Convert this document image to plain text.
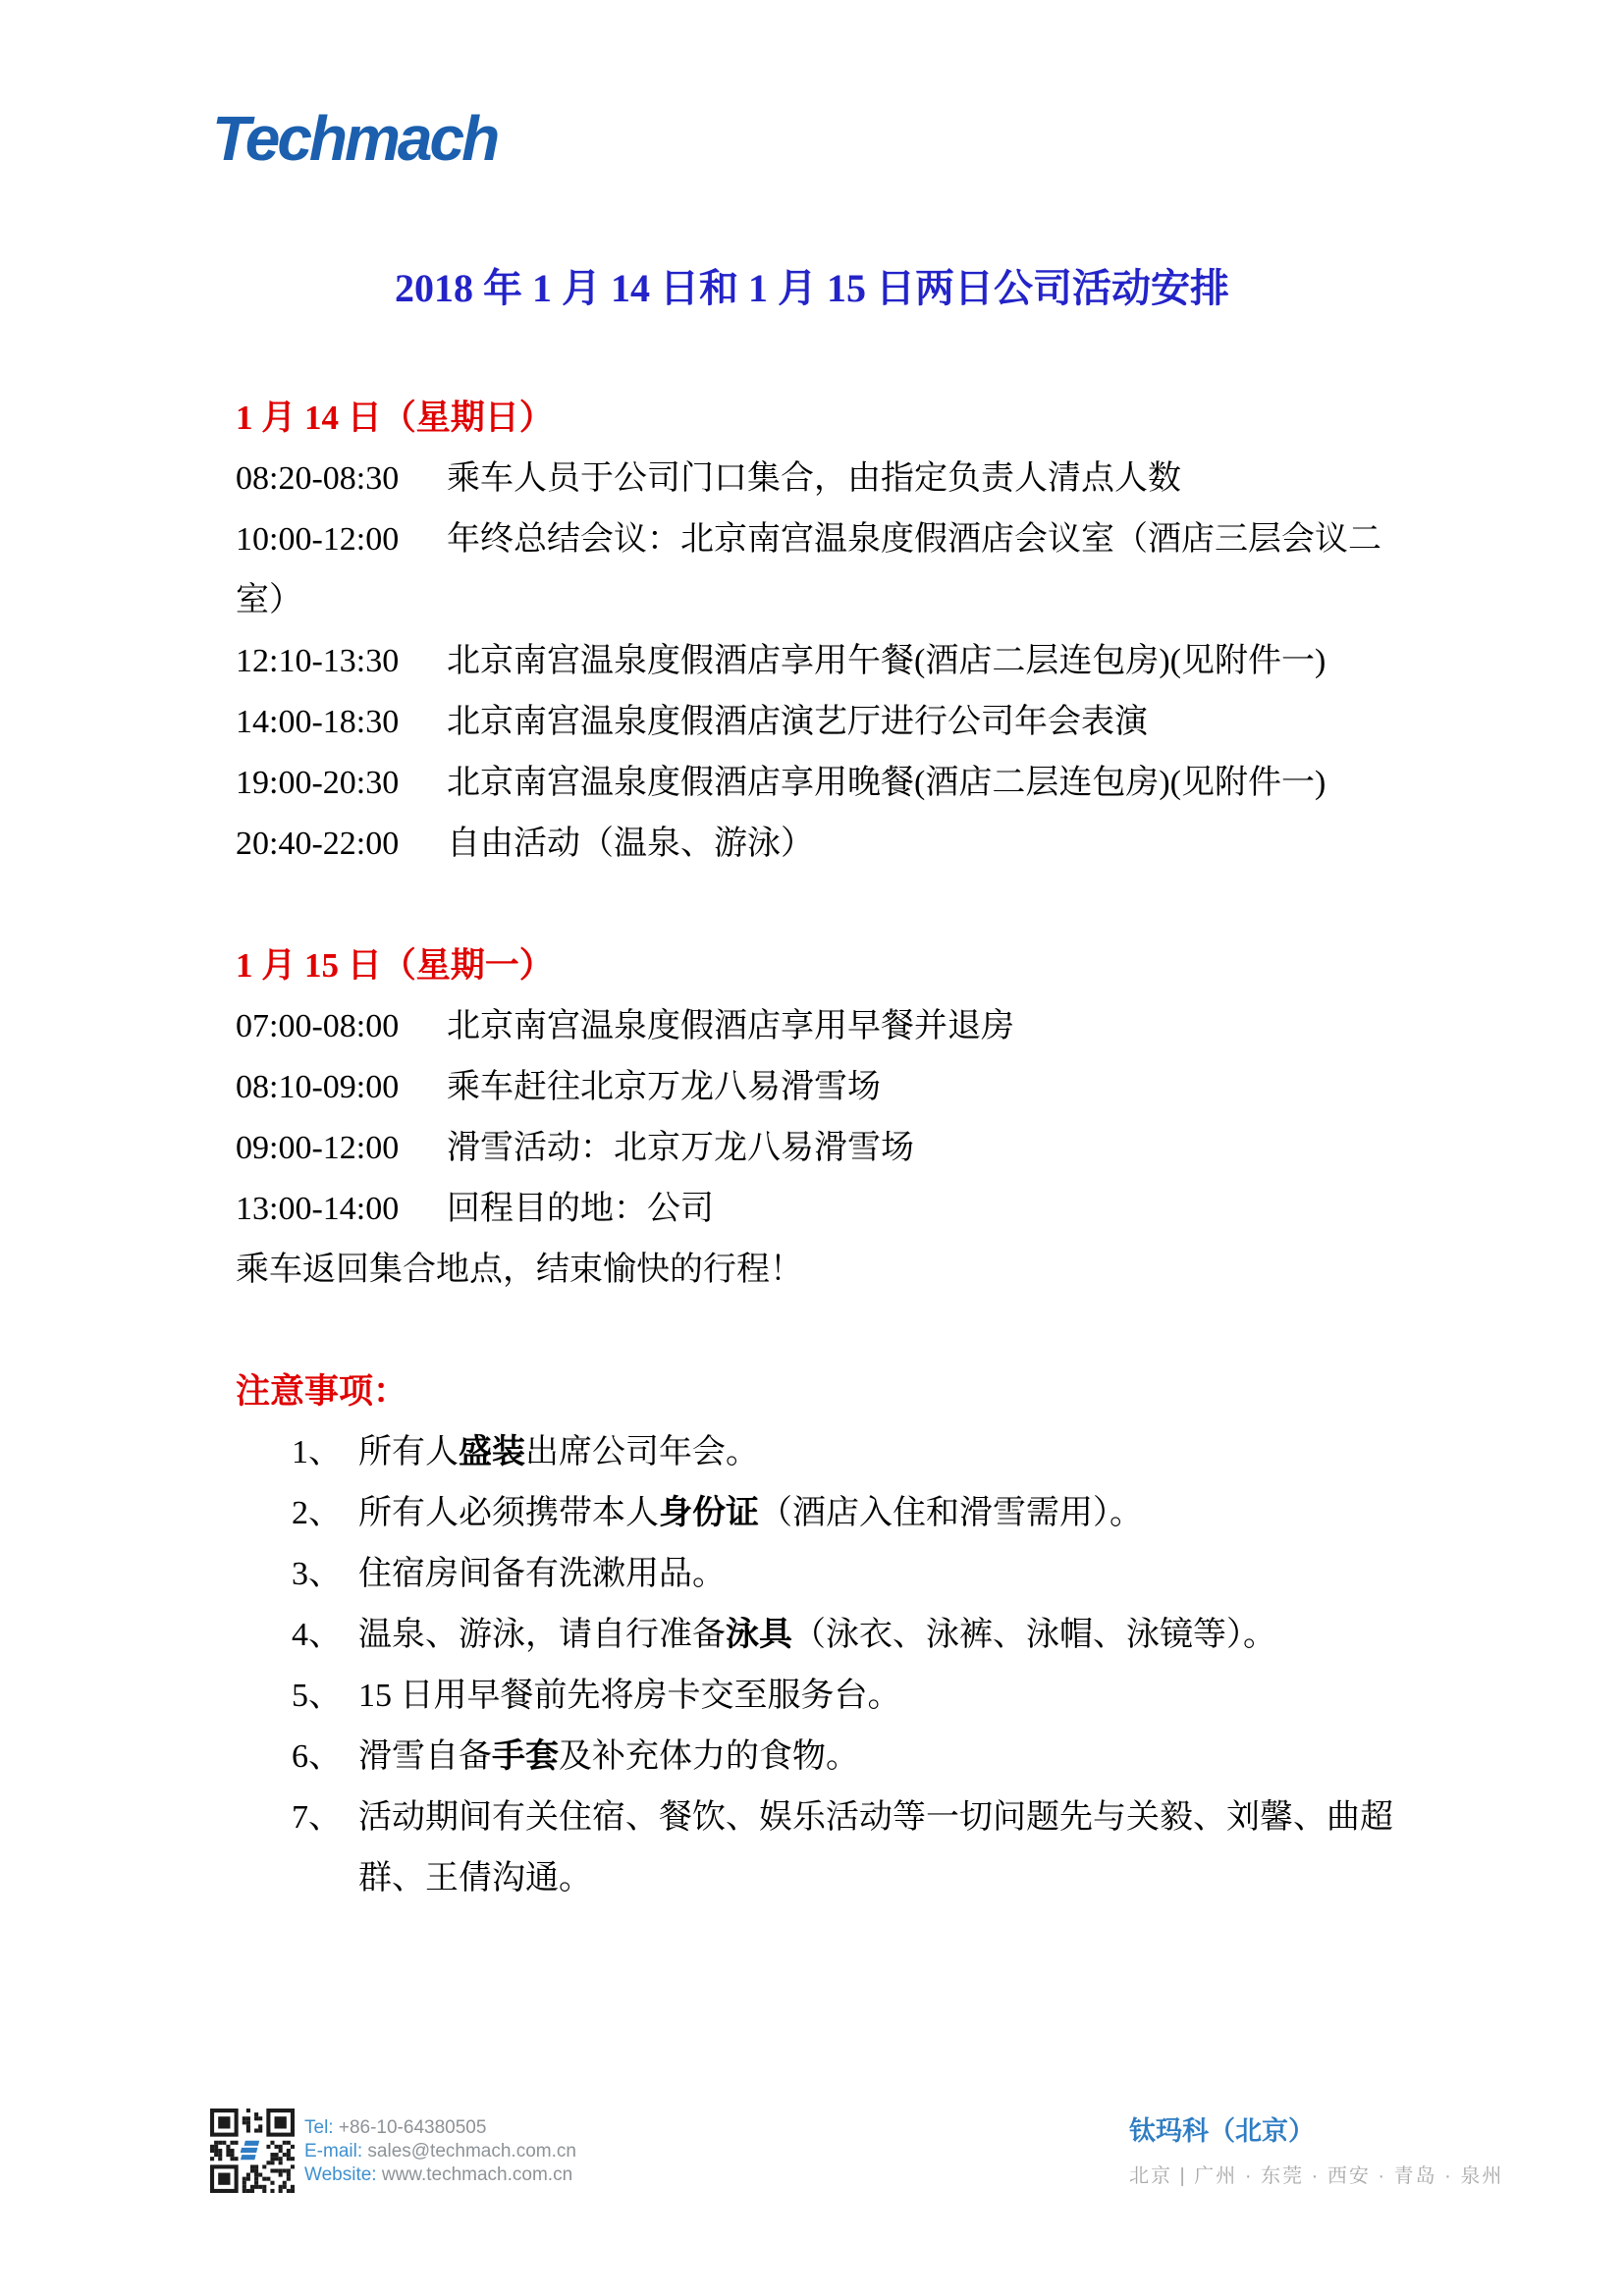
Techmach
2018 年 1 月 14 日和 1 月 15 日两日公司活动安排
1 月 14 日（星期日）

08:20-08:30 乘车人员于公司门口集合，由指定负责人清点人数

10:00-12:00 年终总结会议：北京南宫温泉度假酒店会议室（酒店三层会议二室）

12:10-13:30 北京南宫温泉度假酒店享用午餐(酒店二层连包房)(见附件一)

14:00-18:30 北京南宫温泉度假酒店演艺厅进行公司年会表演

19:00-20:30 北京南宫温泉度假酒店享用晚餐(酒店二层连包房)(见附件一)

20:40-22:00 自由活动（温泉、游泳）

1 月 15 日（星期一）

07:00-08:00 北京南宫温泉度假酒店享用早餐并退房

08:10-09:00 乘车赶往北京万龙八易滑雪场

09:00-12:00 滑雪活动：北京万龙八易滑雪场

13:00-14:00 回程目的地：公司

乘车返回集合地点，结束愉快的行程！

注意事项：
1、 所有人盛装出席公司年会。
2、 所有人必须携带本人身份证（酒店入住和滑雪需用）。
3、 住宿房间备有洗漱用品。
4、 温泉、游泳，请自行准备泳具（泳衣、泳裤、泳帽、泳镜等）。
5、 15 日用早餐前先将房卡交至服务台。
6、 滑雪自备手套及补充体力的食物。
7、 活动期间有关住宿、餐饮、娱乐活动等一切问题先与关毅、刘馨、曲超群、王倩沟通。
Tel: +86-10-64380505
E-mail: sales@techmach.com.cn
Website: www.techmach.com.cn
钛玛科（北京）
北京 | 广州 · 东莞 · 西安 · 青岛 · 泉州
